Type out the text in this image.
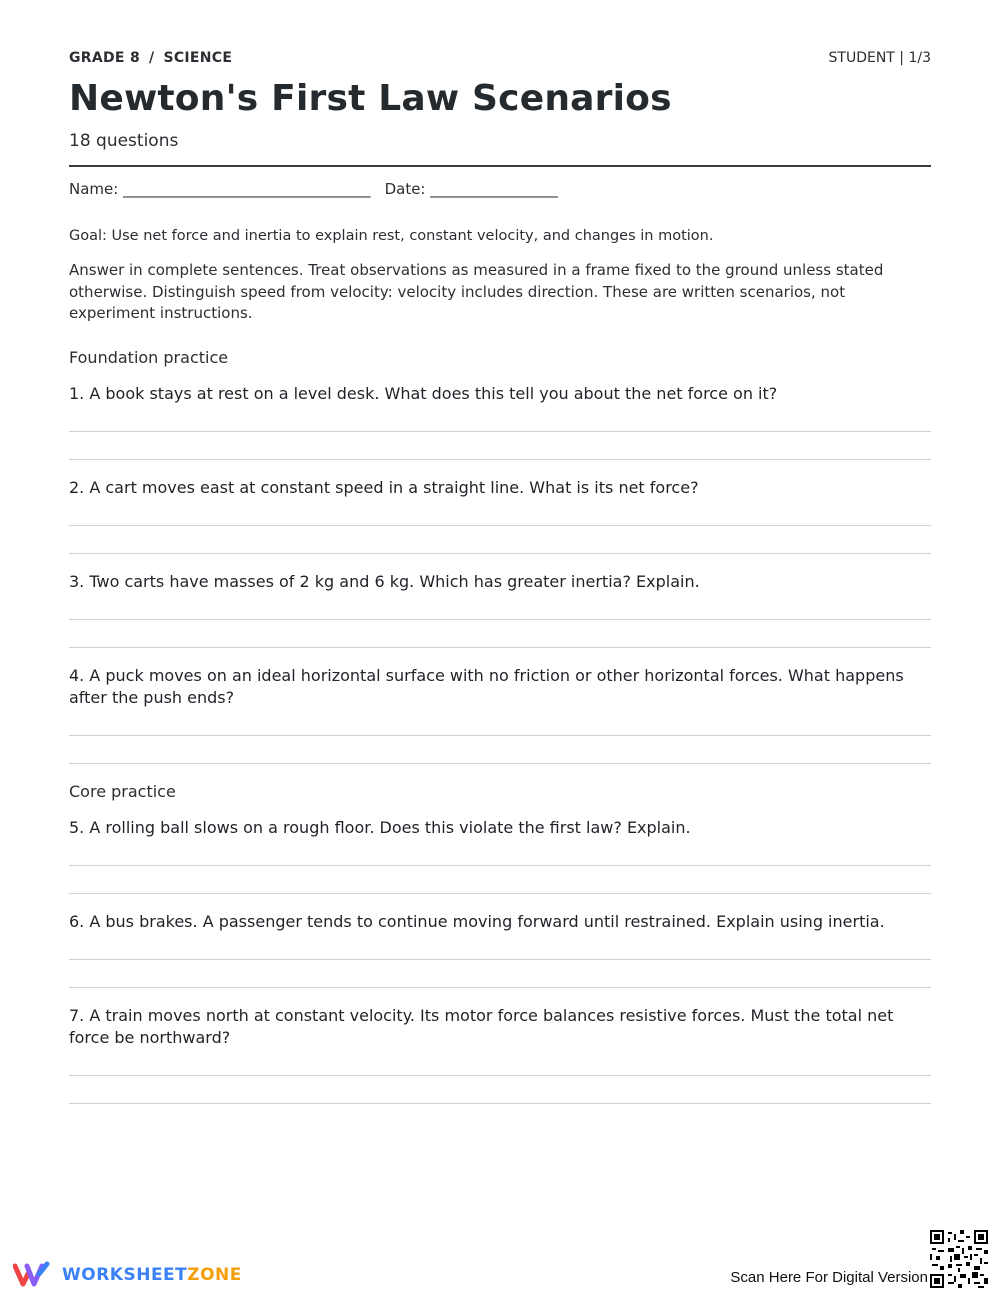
GRADE 8 / SCIENCE	STUDENT | 1/3
Newton's First Law Scenarios
18 questions
Name: _________________________________ Date: _________________
Goal: Use net force and inertia to explain rest, constant velocity, and changes in motion.
Answer in complete sentences. Treat observations as measured in a frame fixed to the ground unless stated otherwise. Distinguish speed from velocity: velocity includes direction. These are written scenarios, not experiment instructions.
Foundation practice
1. A book stays at rest on a level desk. What does this tell you about the net force on it?
2. A cart moves east at constant speed in a straight line. What is its net force?
3. Two carts have masses of 2 kg and 6 kg. Which has greater inertia? Explain.
4. A puck moves on an ideal horizontal surface with no friction or other horizontal forces. What happens after the push ends?
Core practice
5. A rolling ball slows on a rough floor. Does this violate the first law? Explain.
6. A bus brakes. A passenger tends to continue moving forward until restrained. Explain using inertia.
7. A train moves north at constant velocity. Its motor force balances resistive forces. Must the total net force be northward?
WORKSHEETZONE	Scan Here For Digital Version
